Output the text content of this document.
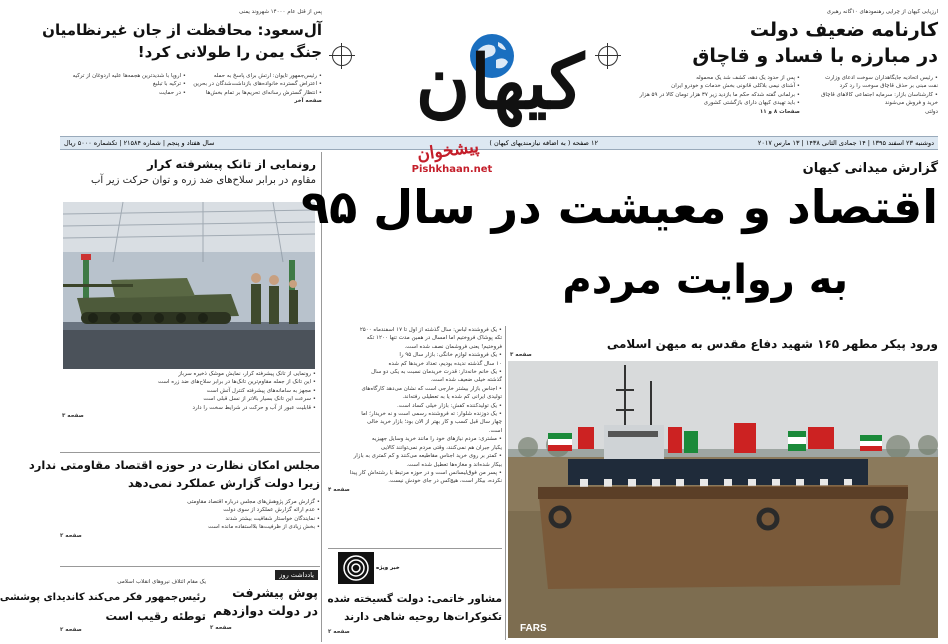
کیهان
ارزیابی کیهان از چرایی رهنمودهای ۱۰گانه رهبری
کارنامه ضعیف دولت
در مبارزه با فساد و قاچاق
• رئیس اتحادیه جایگاهداران سوخت ادعای وزارت
نفت مبنی بر حذف قاچاق سوخت را رد کرد
• کارشناسان بازار: سرمایه اجتماعی کالاهای قاچاق
خرید و فروش می‌شوند
دولتی
• پس از حدود یک دهه، کشف شد یک محموله
• آشنای نیمی بلاکلی قانونی بخش خدمات و خودرو ایران
• برلمانی گفته شدکه حکم ما بازدید زیر ۳۷ هزار تومان کالا در ۵۹ هزار
• باید تهیدی کیهان دارای بازگشتی کشوری
صفحات ۸ و ۱۱
پس از قتل عام ۱۴۰۰۰ شهروند یمنی
آل‌سعود: محافظت از جان غیرنظامیان
جنگ یمن را طولانی کرد!
• اروپا با شدیدترین هجمه‌ها علیه اردوغان از ترکیه
• ترکیه با تبلیغ
• در حمایت
• رئیس‌جمهور تایوان: ارتش برای پاسخ به حمله
• اعتراض گسترده خانواده‌های بازداشت‌شدگان در بحرین
• انتظار گسترش رسانه‌ای تحریم‌ها بر تمام بخش‌ها
صفحه آخر
دوشنبه ۲۳ اسفند ۱۳۹۵ | ۱۴ جمادی الثانی ۱۴۳۸ | ۱۳ مارس ۲۰۱۷
۱۲ صفحه ( به اضافه نیازمندیهای کیهان )
سال هفتاد و پنجم | شماره ۲۱۵۸۴ | تکشماره ۵۰۰۰ ریال	پیشخوان
Pishkhaan.net
رونمایی از تانک پیشرفته کرار
مقاوم در برابر سلاح‌های ضد زره و توان حرکت زیر آب
• رونمایی از تانک پیشرفته کرار، نمایش موشک ذخیره سرباز
• این تانک از جمله مقاوم‌ترین تانک‌ها در برابر سلاح‌های ضد زره است
• مجهز به سامانه‌های پیشرفته کنترل آتش است
• سرعت این تانک بسیار بالاتر از نسل قبلی است
• قابلیت عبور از آب و حرکت در شرایط سخت را دارد
صفحه ۳
مجلس امکان نظارت در حوزه اقتصاد مقاومتی ندارد
زیرا دولت گزارش عملکرد نمی‌دهد
• گزارش مرکز پژوهش‌های مجلس درباره اقتصاد مقاومتی
• عدم ارائه گزارش عملکرد از سوی دولت
• نمایندگان خواستار شفافیت بیشتر شدند
• بخش زیادی از ظرفیت‌ها بلااستفاده مانده است
صفحه ۲
یادداشت روز
پوش پیشرفت
در دولت دوازدهم
صفحه ۲
یک مقام ائتلاف نیروهای انقلاب اسلامی
رئیس‌جمهور فکر می‌کند کاندیدای پوششی
توطئه رقیب است
صفحه ۲
گزارش میدانی کیهان
اقتصاد و معیشت در سال ۹۵
به روایت مردم
• یک فروشنده لباس: سال گذشته از اول تا ۱۷ اسفندماه ۲۵۰۰
تکه پوشاک فروختیم اما امسال در همین مدت تنها ۱۲۰۰ تکه
فروختیم! یعنی فروشمان نصف شده است.
• یک فروشنده لوازم خانگی: بازار سال ۹۵ را
۱۰ سال گذشته ندیده بودیم، تعداد خریدها کم شده
• یک خانم خانه‌دار: قدرت خریدمان نسبت به یکی دو سال
گذشته خیلی ضعیف شده است.
• اجناس بازار بیشتر خارجی است که نشان می‌دهد کارگاه‌های
تولیدی ایرانی کم شده یا به تعطیلی رفته‌اند.
• یک تولیدکننده کفش: بازار خیلی کساد است.
• یک دوزنده شلوار: ته فروشنده رسمی است و نه خریدار؛ اما
چهار سال قبل کسب و کار بهتر از الان بود؛ بازار خرید خالی
است.
• مشتری: مردم نیازهای خود را مانند خرید وسایل جهیزیه
یکبار جبران هم نمی‌کنند، وقتی مردم نمی‌توانند کالایی
• کمتر بر روی خرید اجناس مقاطیعه می‌کنند و کم کمتری به بازار
بیکار شده‌اند و مغازه‌ها تعطیل شده است.
• پسر من فوق‌لیسانس است و در حوزه مرتبط با رشته‌اش کار پیدا
نکرده، بیکار است، هیچ‌کس در جای خودش نیست.
صفحه ۴
خبر ویژه
مشاور خاتمی: دولت گسیخته شده
تکنوکرات‌ها روحیه شاهی دارند
صفحه ۲
ورود پیکر مطهر ۱۶۵ شهید دفاع مقدس به میهن اسلامی
صفحه ۳
FARS
